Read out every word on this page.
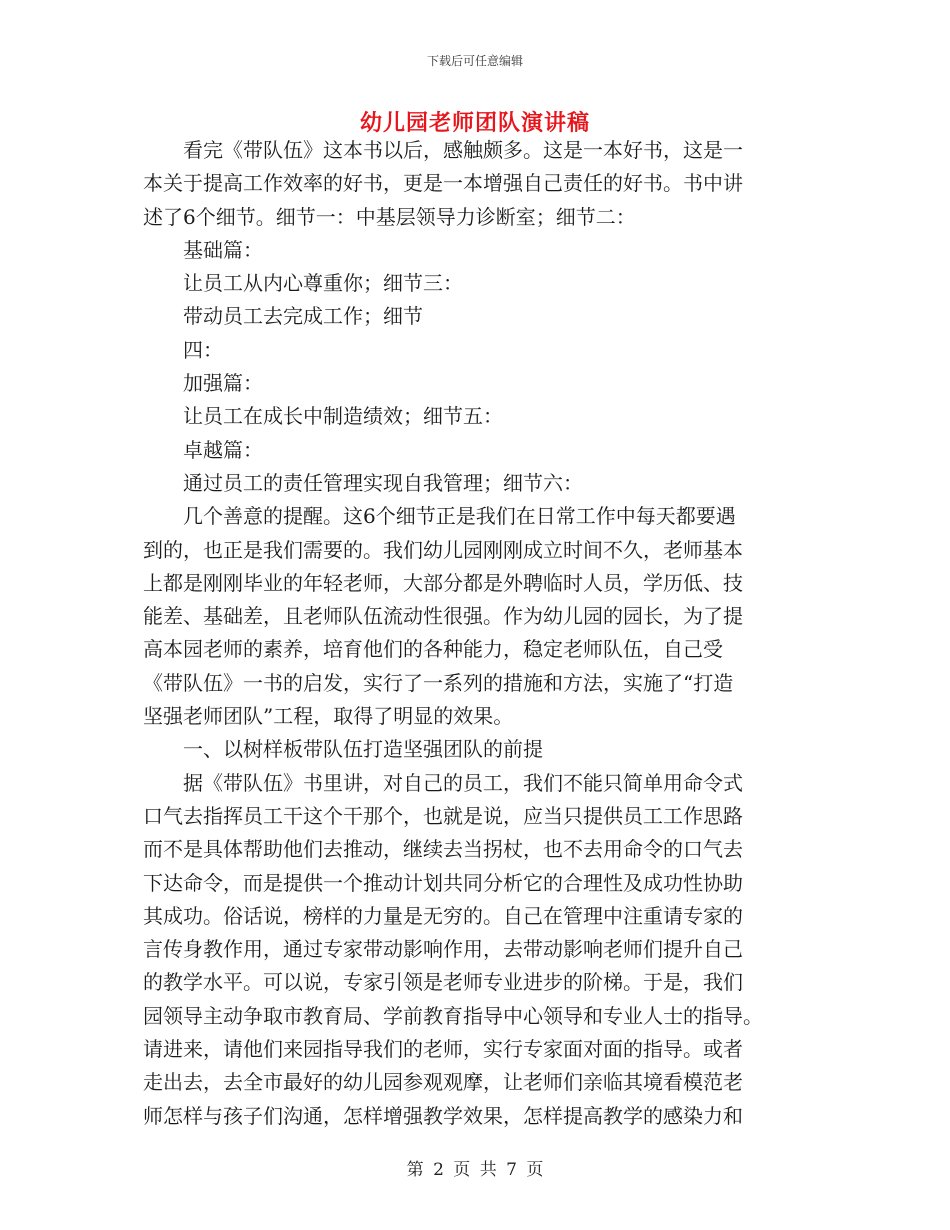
下载后可任意编辑
幼儿园老师团队演讲稿

看完《带队伍》这本书以后，感触颇多。这是一本好书，这是一
本关于提高工作效率的好书，更是一本增强自己责任的好书。书中讲
述了6个细节。细节一：中基层领导力诊断室；细节二：

基础篇：

让员工从内心尊重你；细节三：

带动员工去完成工作；细节

四：

加强篇：

让员工在成长中制造绩效；细节五：

卓越篇：

通过员工的责任管理实现自我管理；细节六：

几个善意的提醒。这6个细节正是我们在日常工作中每天都要遇
到的，也正是我们需要的。我们幼儿园刚刚成立时间不久，老师基本
上都是刚刚毕业的年轻老师，大部分都是外聘临时人员，学历低、技
能差、基础差，且老师队伍流动性很强。作为幼儿园的园长，为了提
高本园老师的素养，培育他们的各种能力，稳定老师队伍，自己受
《带队伍》一书的启发，实行了一系列的措施和方法，实施了“打造
坚强老师团队”工程，取得了明显的效果。

一、以树样板带队伍打造坚强团队的前提

据《带队伍》书里讲，对自己的员工，我们不能只简单用命令式
口气去指挥员工干这个干那个，也就是说，应当只提供员工工作思路
而不是具体帮助他们去推动，继续去当拐杖，也不去用命令的口气去
下达命令，而是提供一个推动计划共同分析它的合理性及成功性协助
其成功。俗话说，榜样的力量是无穷的。自己在管理中注重请专家的
言传身教作用，通过专家带动影响作用，去带动影响老师们提升自己
的教学水平。可以说，专家引领是老师专业进步的阶梯。于是，我们
园领导主动争取市教育局、学前教育指导中心领导和专业人士的指导。
请进来，请他们来园指导我们的老师，实行专家面对面的指导。或者
走出去，去全市最好的幼儿园参观观摩，让老师们亲临其境看模范老
师怎样与孩子们沟通，怎样增强教学效果，怎样提高教学的感染力和

第 2 页 共 7 页
